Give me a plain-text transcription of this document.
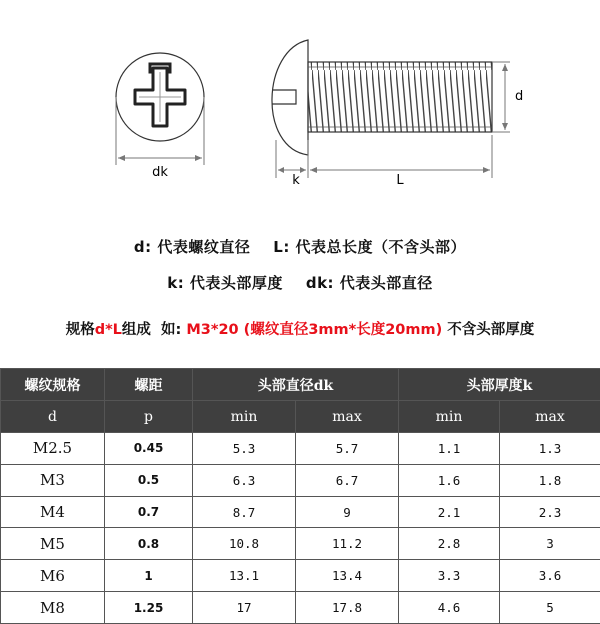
dk
d
k	L
d: 代表螺纹直径 L: 代表总长度（不含头部）
k: 代表头部厚度 dk: 代表头部直径
规格d*L组成  如: M3*20 (螺纹直径3mm*长度20mm) 不含头部厚度
螺纹规格	螺距	头部直径dk		头部厚度k	
d	p	min	max	min	max
M2.5	0.45	5.3	5.7	1.1	1.3
M3	0.5	6.3	6.7	1.6	1.8
M4	0.7	8.7	9	2.1	2.3
M5	0.8	10.8	11.2	2.8	3
M6	1	13.1	13.4	3.3	3.6
M8	1.25	17	17.8	4.6	5
